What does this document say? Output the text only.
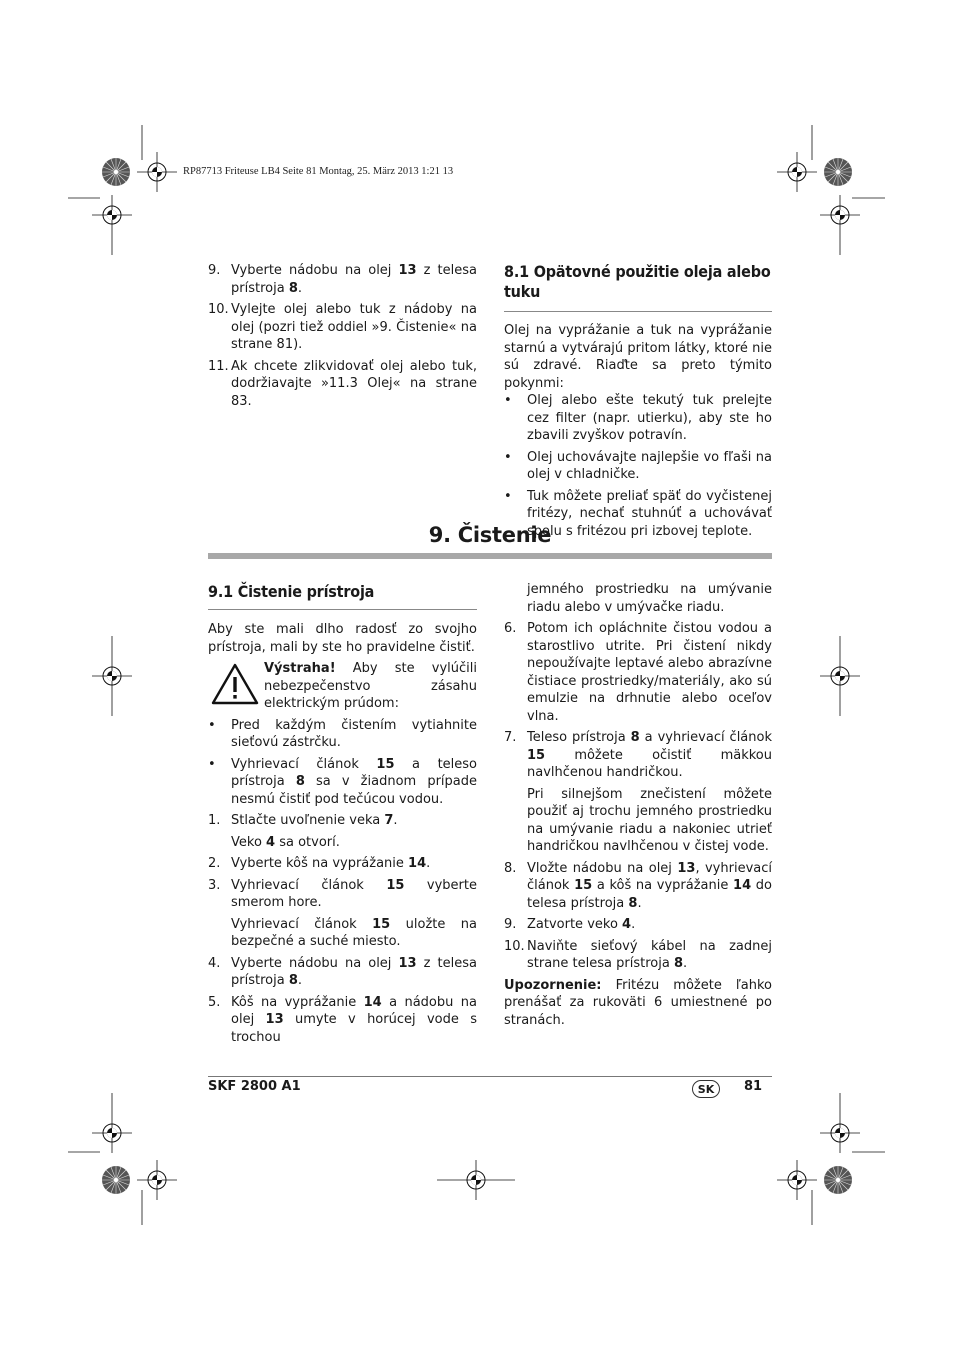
RP87713 Friteuse LB4 Seite 81 Montag, 25. März 2013 1:21 13
9. Vyberte nádobu na olej 13 z telesa prístroja 8.
10. Vylejte olej alebo tuk z nádoby na olej (pozri tiež oddiel »9. Čistenie« na strane 81).
11. Ak chcete zlikvidovať olej alebo tuk, dodržiavajte »11.3 Olej« na strane 83.
8.1 Opätovné použitie oleja alebo tuku

Olej na vyprážanie a tuk na vyprážanie starnú a vytvárajú pritom látky, ktoré nie sú zdravé. Riaďte sa preto týmito pokynmi:

• Olej alebo ešte tekutý tuk prelejte cez filter (napr. utierku), aby ste ho zbavili zvyškov potravín.
• Olej uchovávajte najlepšie vo fľaši na olej v chladničke.
• Tuk môžete preliať späť do vyčistenej fritézy, nechať stuhnúť a uchovávať spolu s fritézou pri izbovej teplote.
9. Čistenie
9.1 Čistenie prístroja

Aby ste mali dlho radosť zo svojho prístroja, mali by ste ho pravidelne čistiť.

Výstraha! Aby ste vylúčili nebezpečenstvo zásahu elektrickým prúdom:

• Pred každým čistením vytiahnite sieťovú zástrčku.
• Vyhrievací článok 15 a teleso prístroja 8 sa v žiadnom prípade nesmú čistiť pod tečúcou vodou.
1. Stlačte uvoľnenie veka 7.

Veko 4 sa otvorí.

2. Vyberte kôš na vyprážanie 14.
3. Vyhrievací článok 15 vyberte smerom hore.

Vyhrievací článok 15 uložte na bezpečné a suché miesto.

4. Vyberte nádobu na olej 13 z telesa prístroja 8.
5. Kôš na vyprážanie 14 a nádobu na olej 13 umyte v horúcej vode s trochou

jemného prostriedku na umývanie riadu alebo v umývačke riadu.

6. Potom ich opláchnite čistou vodou a starostlivo utrite. Pri čistení nikdy nepoužívajte leptavé alebo abrazívne čistiace prostriedky/materiály, ako sú emulzie na drhnutie alebo oceľov vlna.
7. Teleso prístroja 8 a vyhrievací článok 15 môžete očistiť mäkkou navlhčenou handričkou.

Pri silnejšom znečistení môžete použiť aj trochu jemného prostriedku na umývanie riadu a nakoniec utrieť handričkou navlhčenou v čistej vode.

8. Vložte nádobu na olej 13, vyhrievací článok 15 a kôš na vyprážanie 14 do telesa prístroja 8.
9. Zatvorte veko 4.
10. Naviňte sieťový kábel na zadnej strane telesa prístroja 8.

Upozornenie: Fritézu môžete ľahko prenášať za rukoväti 6 umiestnené po stranách.

SKF 2800 A1	SK	81
